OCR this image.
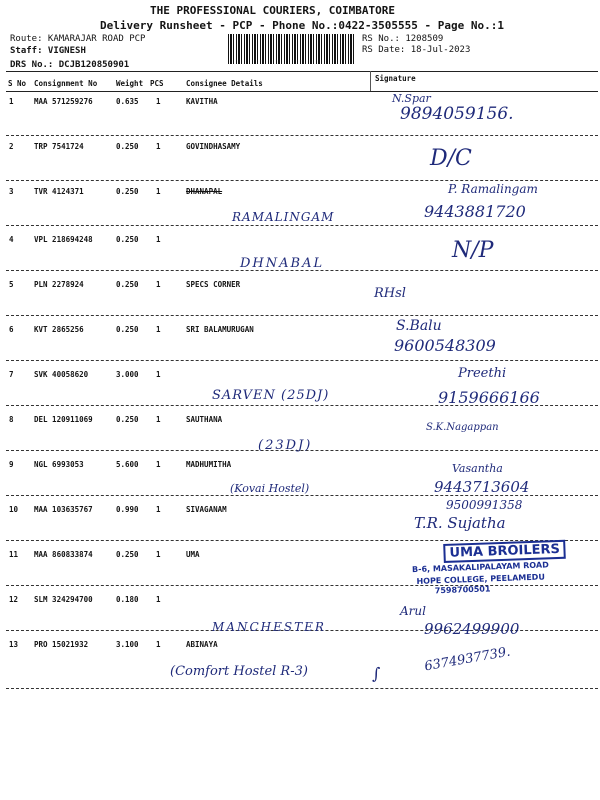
THE PROFESSIONAL COURIERS, COIMBATORE
Delivery Runsheet - PCP - Phone No.:0422-3505555 - Page No.:1
Route: KAMARAJAR ROAD PCP
Staff: VIGNESH
DRS No.: DCJB120850901
RS No.: 1208509
RS Date: 18-Jul-2023
S No Consignment No	Weight PCS	Consignee Details
Signature
1	MAA 571259276	0.635 1	KAVITHA	N.Spar
9894059156.
2	TRP 7541724	0.250 1	GOVINDHASAMY	D/C
3	TVR 4124371	0.250 1	DHANAPAL
RAMALINGAM
P. Ramalingam
9443881720
4	VPL 218694248	0.250 1
DHNABAL
N/P
5	PLN 2278924	0.250 1	SPECS CORNER
RHsl
6	KVT 2865256	0.250 1	SRI BALAMURUGAN	S.Balu
9600548309
7	SVK 40058620	3.000 1
SARVEN (25DJ)
Preethi
9159666166
8	DEL 120911069	0.250 1	SAUTHANA
(23DJ)
S.K.Nagappan
9	NGL 6993053	5.600 1	MADHUMITHA
(Kovai Hostel)
Vasantha
9443713604
10 MAA 103635767	0.990 1	SIVAGANAM
T.R. Sujatha
9500991358
11 MAA 860833874	0.250 1	UMA	UMA BROILERS
B-6, MASAKALIPALAYAM ROAD
HOPE COLLEGE, PEELAMEDU
7598700501
12 SLM 324294700	0.180 1
MANCHESTER
Arul
9962499900
13 PRO 15021932	3.100 1	ABINAYA
(Comfort Hostel R-3)	∫	6374937739.
